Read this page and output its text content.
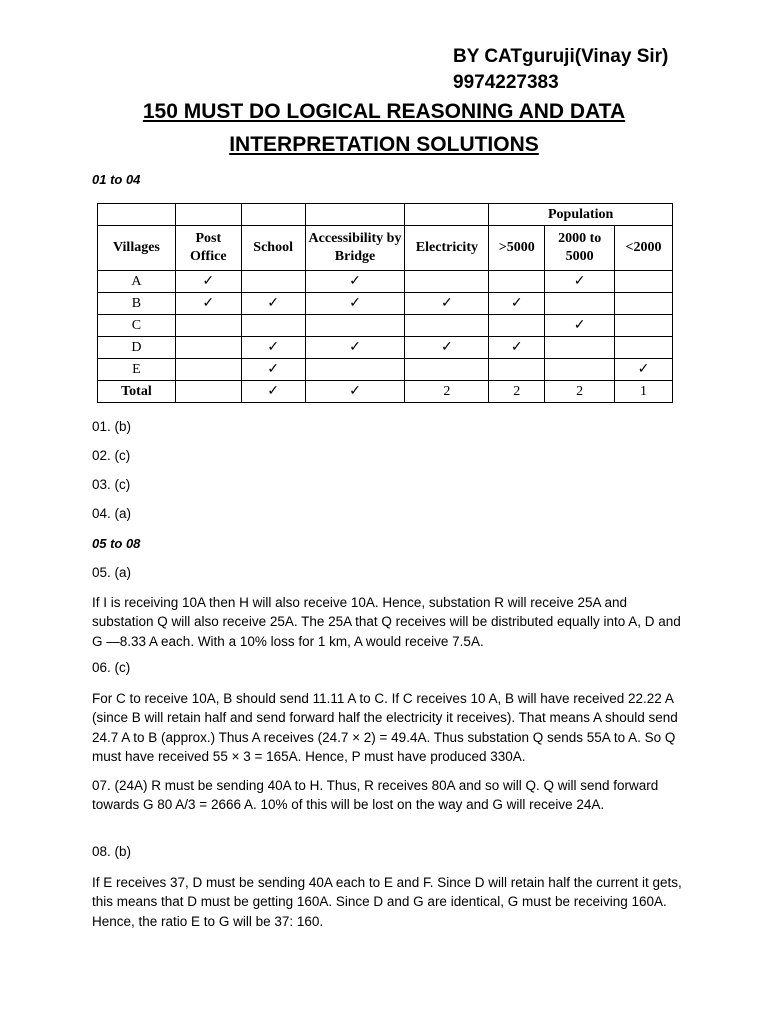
BY CATguruji(Vinay Sir)
9974227383
150 MUST DO LOGICAL REASONING AND DATA
INTERPRETATION SOLUTIONS
01 to 04
					Population		
Villages	Post Office	School	Accessibility by Bridge	Electricity	>5000	2000 to 5000	<2000
A	✓		✓			✓	
B	✓	✓	✓	✓	✓		
C						✓	
D		✓	✓	✓	✓		
E		✓					✓
Total		✓	✓	2	2	2	1
01. (b)
02. (c)
03. (c)
04. (a)
05 to 08
05. (a)
If I is receiving 10A then H will also receive 10A. Hence, substation R will receive 25A and substation Q will also receive 25A. The 25A that Q receives will be distributed equally into A, D and G —8.33 A each. With a 10% loss for 1 km, A would receive 7.5A.
06. (c)
For C to receive 10A, B should send 11.11 A to C. If C receives 10 A, B will have received 22.22 A (since B will retain half and send forward half the electricity it receives). That means A should send 24.7 A to B (approx.) Thus A receives (24.7 × 2) = 49.4A. Thus substation Q sends 55A to A. So Q must have received 55 × 3 = 165A. Hence, P must have produced 330A.
07. (24A) R must be sending 40A to H. Thus, R receives 80A and so will Q. Q will send forward towards G 80 A/3 = 2666 A. 10% of this will be lost on the way and G will receive 24A.
08. (b)
If E receives 37, D must be sending 40A each to E and F. Since D will retain half the current it gets, this means that D must be getting 160A. Since D and G are identical, G must be receiving 160A. Hence, the ratio E to G will be 37: 160.
